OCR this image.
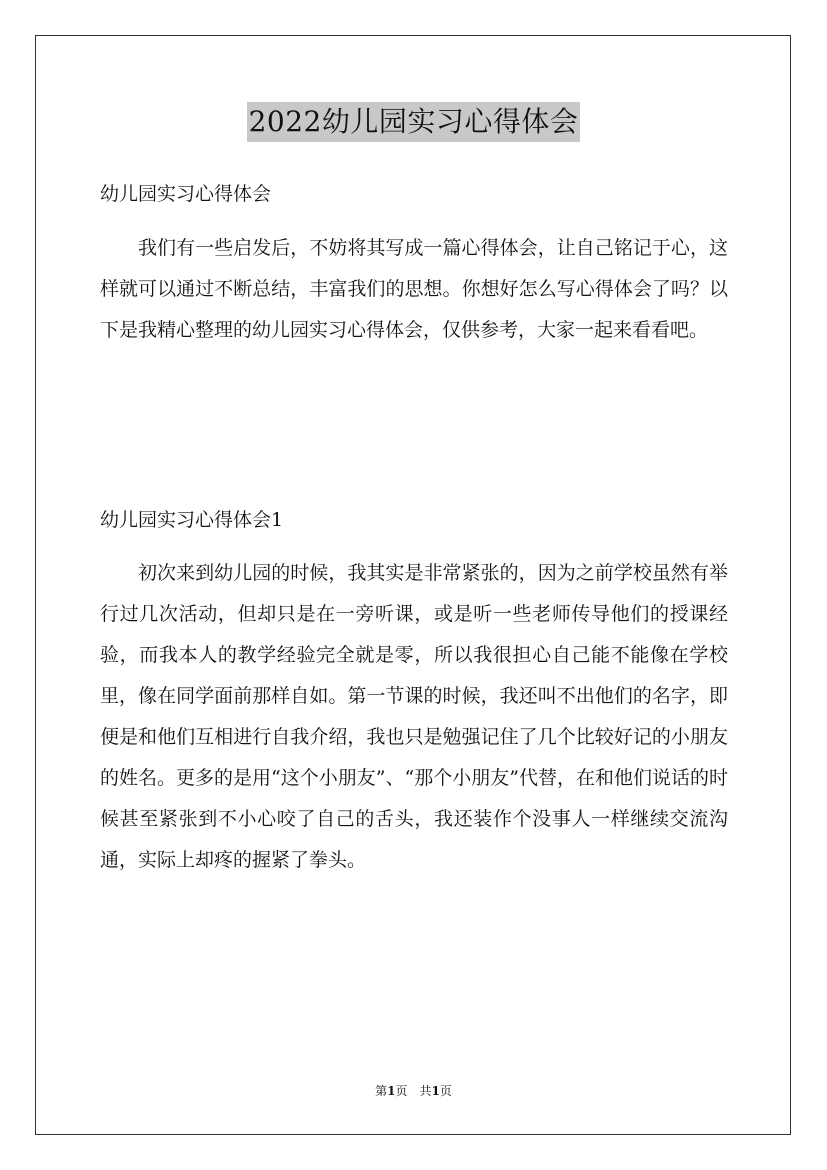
2022幼儿园实习心得体会

幼儿园实习心得体会

我们有一些启发后，不妨将其写成一篇心得体会，让自己铭记于心，这样就可以通过不断总结，丰富我们的思想。你想好怎么写心得体会了吗？以下是我精心整理的幼儿园实习心得体会，仅供参考，大家一起来看看吧。

幼儿园实习心得体会1

初次来到幼儿园的时候，我其实是非常紧张的，因为之前学校虽然有举行过几次活动，但却只是在一旁听课，或是听一些老师传导他们的授课经验，而我本人的教学经验完全就是零，所以我很担心自己能不能像在学校里，像在同学面前那样自如。第一节课的时候，我还叫不出他们的名字，即便是和他们互相进行自我介绍，我也只是勉强记住了几个比较好记的小朋友的姓名。更多的是用“这个小朋友”、“那个小朋友”代替，在和他们说话的时候甚至紧张到不小心咬了自己的舌头，我还装作个没事人一样继续交流沟通，实际上却疼的握紧了拳头。

第1页　共1页
